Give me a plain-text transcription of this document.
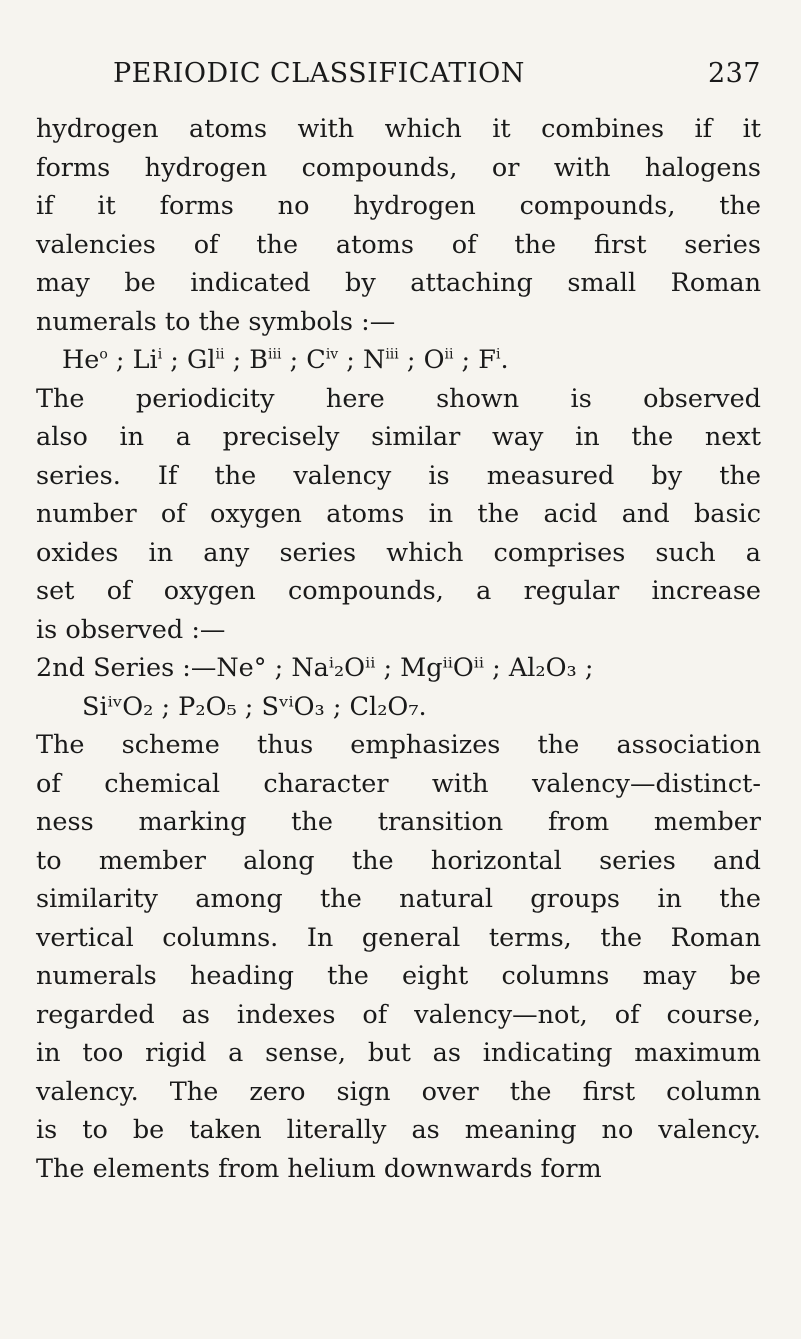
PERIODIC CLASSIFICATION	237

hydrogen atoms with which it combines if it
forms hydrogen compounds, or with halogens
if it forms no hydrogen compounds, the
valencies of the atoms of the first series
may be indicated by attaching small Roman
numerals to the symbols :—

He$^o$ ; Li$^i$ ; Gl$^{ii}$ ; $B^{iii}$ ; $C^{iv}$ ; $N^{iii}$ ; $O^{ii}$ ; $F^i$.

The periodicity here shown is observed
also in a precisely similar way in the next
series. If the valency is measured by the
number of oxygen atoms in the acid and basic
oxides in any series which comprises such a
set of oxygen compounds, a regular increase
is observed :—

2nd Series :—Ne° ; Naⁱ₂Oⁱⁱ ; MgⁱⁱOⁱⁱ ; Al₂O₃ ;
SiⁱᵛO₂ ; P₂O₅ ; SᵛⁱO₃ ; Cl₂O₇.

The scheme thus emphasizes the association
of chemical character with valency—distinct-
ness marking the transition from member
to member along the horizontal series and
similarity among the natural groups in the
vertical columns. In general terms, the Roman
numerals heading the eight columns may be
regarded as indexes of valency—not, of course,
in too rigid a sense, but as indicating maximum
valency. The zero sign over the first column
is to be taken literally as meaning no valency.
The elements from helium downwards form
